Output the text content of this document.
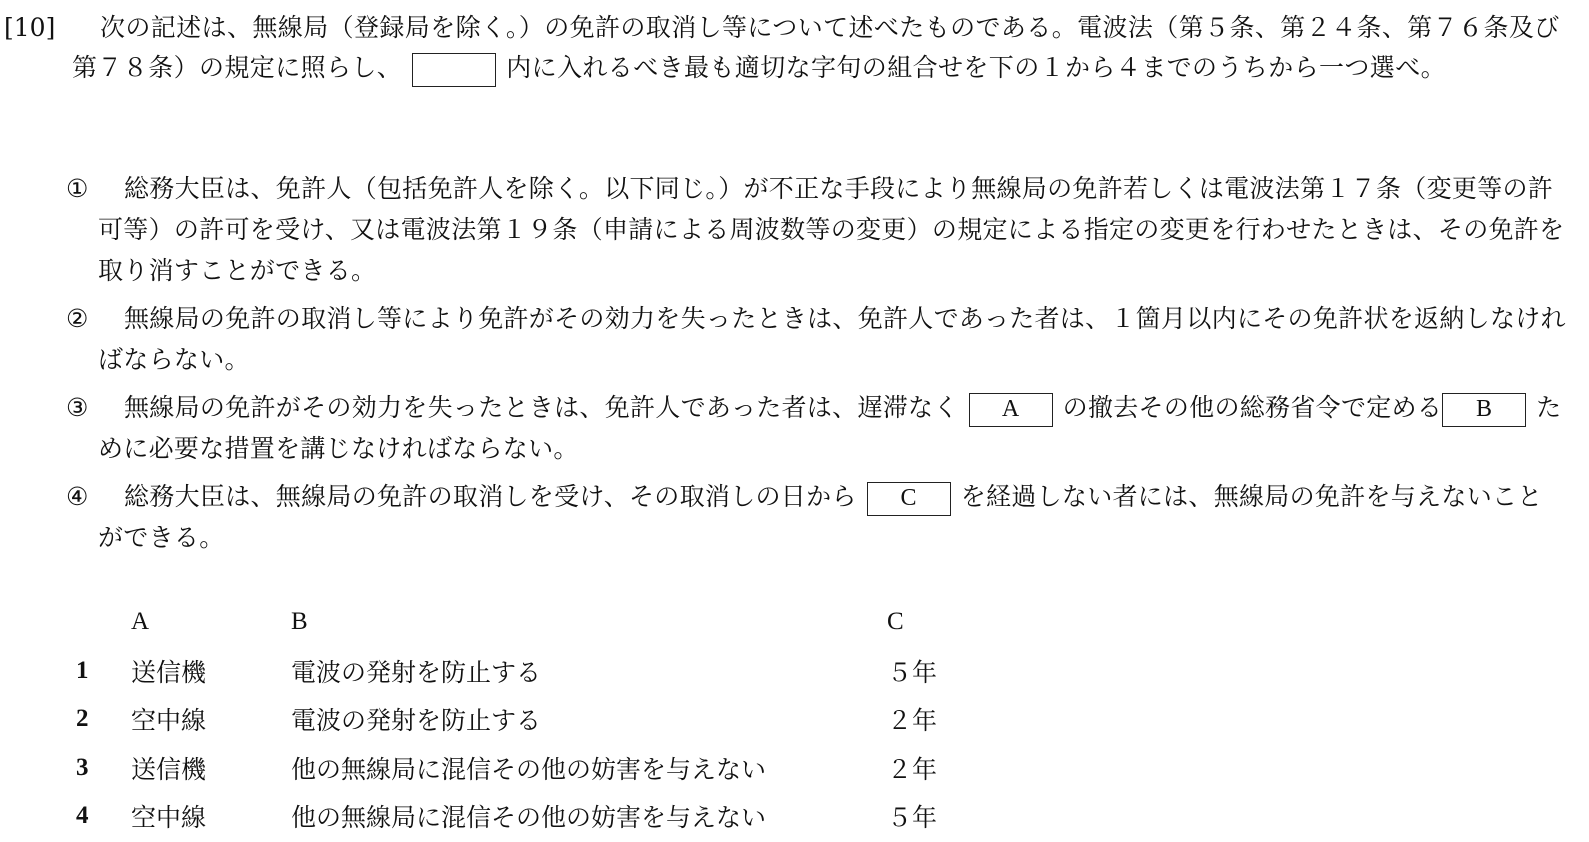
[10]	次の記述は、無線局（登録局を除く。）の免許の取消し等について述べたものである。電波法（第５条、第２４条、第７６条及び第７８条）の規定に照らし、	内に入れるべき最も適切な字句の組合せを下の１から４までのうちから一つ選べ。
①	総務大臣は、免許人（包括免許人を除く。以下同じ。）が不正な手段により無線局の免許若しくは電波法第１７条（変更等の許可等）の許可を受け、又は電波法第１９条（申請による周波数等の変更）の規定による指定の変更を行わせたときは、その免許を取り消すことができる。
②	無線局の免許の取消し等により免許がその効力を失ったときは、免許人であった者は、１箇月以内にその免許状を返納しなければならない。
③	無線局の免許がその効力を失ったときは、免許人であった者は、遅滞なく A の撤去その他の総務省令で定める B ために必要な措置を講じなければならない。
④	総務大臣は、無線局の免許の取消しを受け、その取消しの日から C を経過しない者には、無線局の免許を与えないことができる。
	A	B	C
1	送信機	電波の発射を防止する	５年
2	空中線	電波の発射を防止する	２年
3	送信機	他の無線局に混信その他の妨害を与えない	２年
4	空中線	他の無線局に混信その他の妨害を与えない	５年
